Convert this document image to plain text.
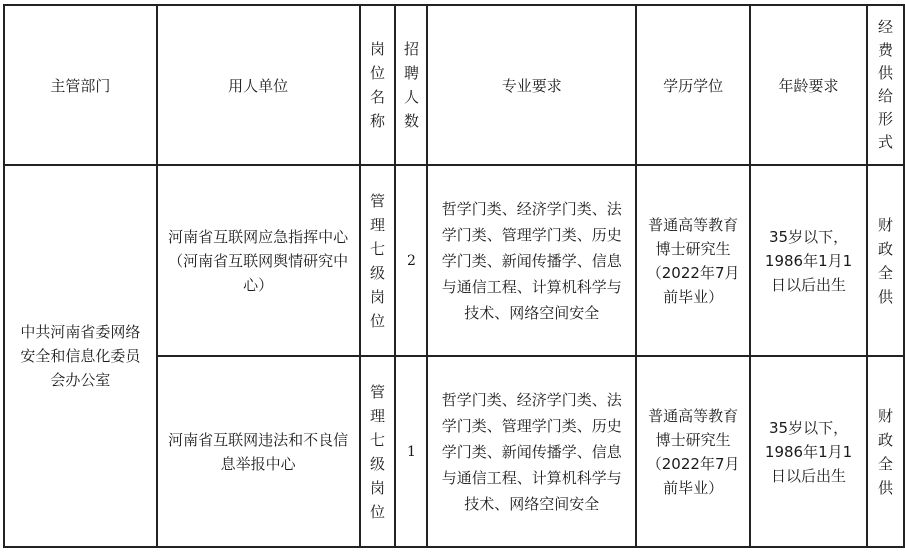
主管部门	用人单位	岗位名称	招聘人数	专业要求	学历学位	年龄要求	经费供给形式

中共河南省委网络安全和信息化委员会办公室	河南省互联网应急指挥中心（河南省互联网舆情研究中心）	管理七级岗位	2	哲学门类、经济学门类、法学门类、管理学门类、历史学门类、新闻传播学、信息与通信工程、计算机科学与技术、网络空间安全	普通高等教育博士研究生（2022年7月前毕业）	35岁以下，1986年1月1日以后出生	财政全供

	河南省互联网违法和不良信息举报中心	管理七级岗位	1	哲学门类、经济学门类、法学门类、管理学门类、历史学门类、新闻传播学、信息与通信工程、计算机科学与技术、网络空间安全	普通高等教育博士研究生（2022年7月前毕业）	35岁以下，1986年1月1日以后出生	财政全供
